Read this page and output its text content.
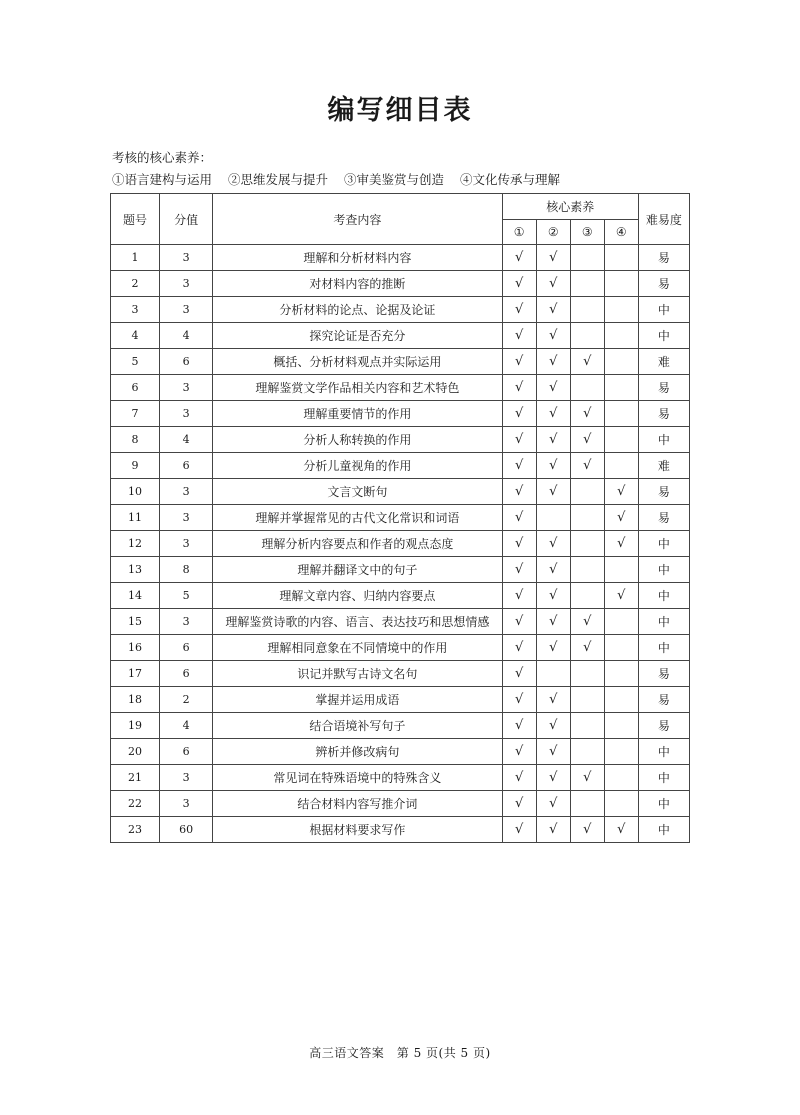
编写细目表
考核的核心素养：
①语言建构与运用 ②思维发展与提升 ③审美鉴赏与创造 ④文化传承与理解
题号	分值	考查内容	核心素养				难易度
			①	②	③	④	
1	3	理解和分析材料内容	√	√			易
2	3	对材料内容的推断	√	√			易
3	3	分析材料的论点、论据及论证	√	√			中
4	4	探究论证是否充分	√	√			中
5	6	概括、分析材料观点并实际运用	√	√	√		难
6	3	理解鉴赏文学作品相关内容和艺术特色	√	√			易
7	3	理解重要情节的作用	√	√	√		易
8	4	分析人称转换的作用	√	√	√		中
9	6	分析儿童视角的作用	√	√	√		难
10	3	文言文断句	√	√		√	易
11	3	理解并掌握常见的古代文化常识和词语	√			√	易
12	3	理解分析内容要点和作者的观点态度	√	√		√	中
13	8	理解并翻译文中的句子	√	√			中
14	5	理解文章内容、归纳内容要点	√	√		√	中
15	3	理解鉴赏诗歌的内容、语言、表达技巧和思想情感	√	√	√		中
16	6	理解相同意象在不同情境中的作用	√	√	√		中
17	6	识记并默写古诗文名句	√				易
18	2	掌握并运用成语	√	√			易
19	4	结合语境补写句子	√	√			易
20	6	辨析并修改病句	√	√			中
21	3	常见词在特殊语境中的特殊含义	√	√	√		中
22	3	结合材料内容写推介词	√	√			中
23	60	根据材料要求写作	√	√	√	√	中
高三语文答案　第 5 页(共 5 页)
